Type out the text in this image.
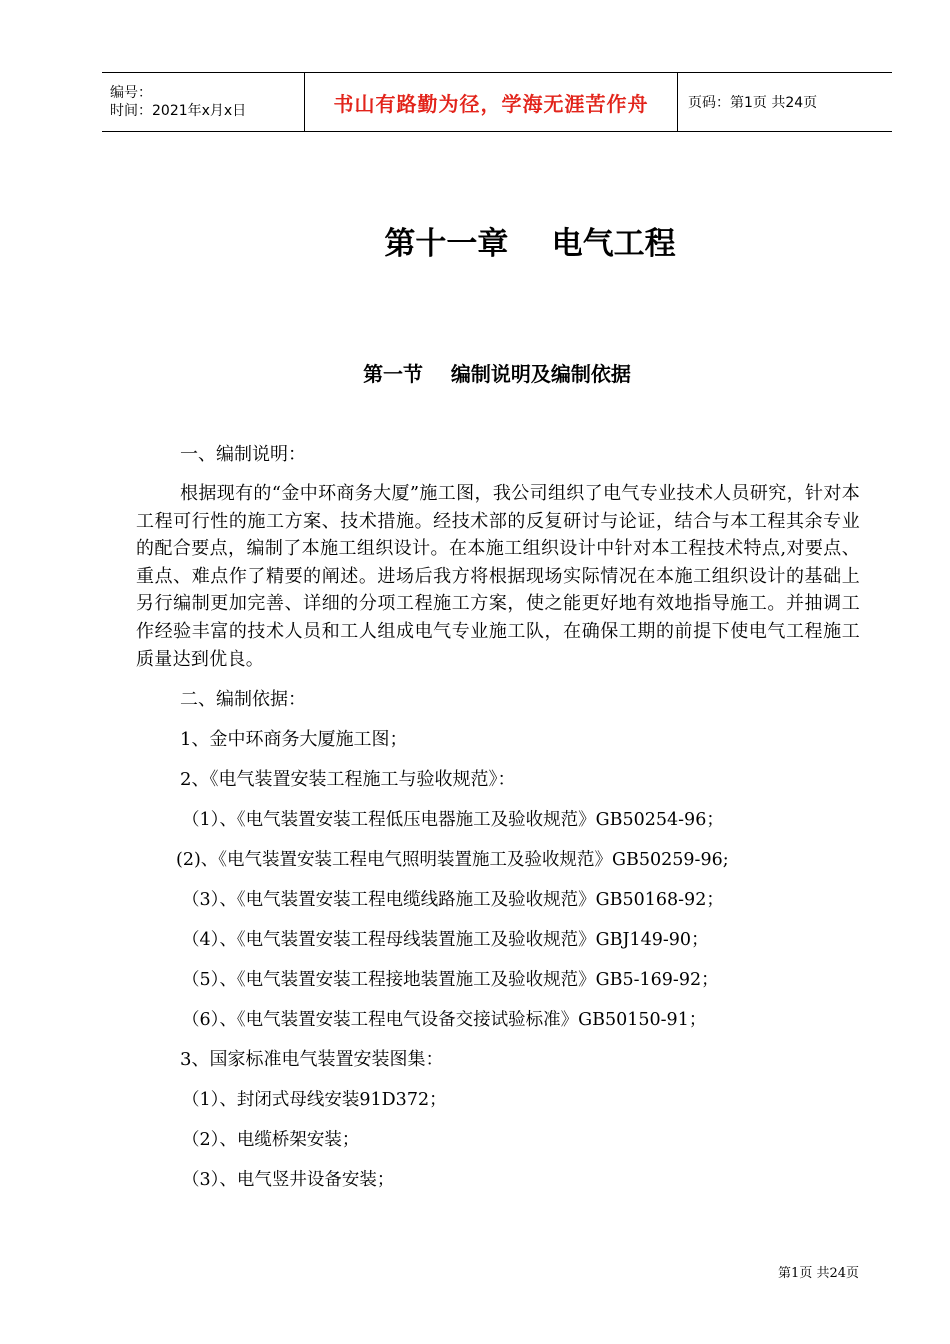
编号：
时间：2021年x月x日	书山有路勤为径，学海无涯苦作舟	页码：第1页 共24页
第十一章    电气工程
第一节    编制说明及编制依据
一、编制说明：
根据现有的“金中环商务大厦”施工图，我公司组织了电气专业技术人员研究，针对本工程可行性的施工方案、技术措施。经技术部的反复研讨与论证，结合与本工程其余专业的配合要点，编制了本施工组织设计。在本施工组织设计中针对本工程技术特点,对要点、重点、难点作了精要的阐述。进场后我方将根据现场实际情况在本施工组织设计的基础上另行编制更加完善、详细的分项工程施工方案，使之能更好地有效地指导施工。并抽调工作经验丰富的技术人员和工人组成电气专业施工队，在确保工期的前提下使电气工程施工质量达到优良。
二、编制依据：
1、金中环商务大厦施工图；
2、《电气装置安装工程施工与验收规范》：
（1）、《电气装置安装工程低压电器施工及验收规范》GB50254-96；
(2)、《电气装置安装工程电气照明装置施工及验收规范》GB50259-96;
（3）、《电气装置安装工程电缆线路施工及验收规范》GB50168-92；
（4）、《电气装置安装工程母线装置施工及验收规范》GBJ149-90；
（5）、《电气装置安装工程接地装置施工及验收规范》GB5-169-92；
（6）、《电气装置安装工程电气设备交接试验标准》GB50150-91；
3、国家标准电气装置安装图集：
（1）、封闭式母线安装91D372；
（2）、电缆桥架安装；
（3）、电气竖井设备安装；
第1页 共24页
